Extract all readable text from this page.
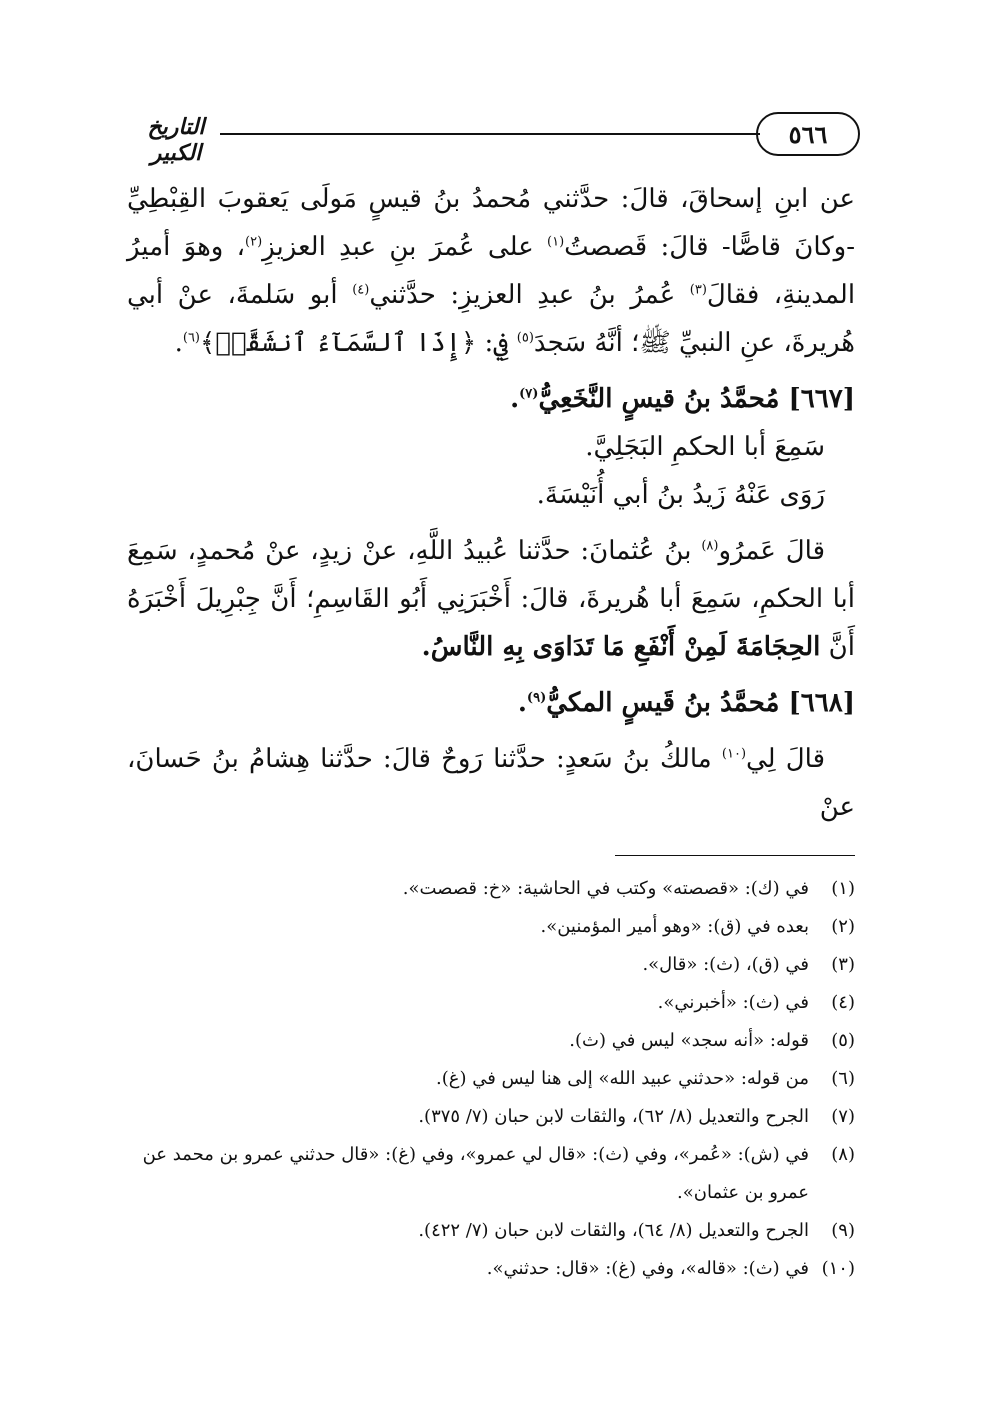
٥٦٦
التاريخ الكبير

عن ابنِ إسحاقَ، قالَ: حدَّثني مُحمدُ بنُ قيسٍ مَولَى يَعقوبَ القِبْطِيِّ -وكانَ قاصًّا- قالَ: قَصصتُ$^{(١)}$ على عُمرَ بنِ عبدِ العزيزِ$^{(٢)}$، وهوَ أميرُ المدينةِ، فقالَ$^{(٣)}$ عُمرُ بنُ عبدِ العزيزِ: حدَّثني$^{(٤)}$ أبو سَلمةَ، عنْ أبي هُريرةَ، عنِ النبيِّ ﷺ؛ أنَّهُ سَجدَ$^{(٥)}$ فِي: ﴿إِذَا ٱلسَّمَآءُ ٱنشَقَّتۡ﴾$^{(٦)}$.

[٦٦٧] مُحمَّدُ بنُ قيسٍ النَّخَعِيُّ$^{(٧)}$.

سَمِعَ أبا الحكمِ البَجَلِيَّ.

رَوَى عَنْهُ زَيدُ بنُ أبي أُنَيْسَةَ.

قالَ عَمرُو$^{(٨)}$ بنُ عُثمانَ: حدَّثنا عُبيدُ اللَّهِ، عنْ زيدٍ، عنْ مُحمدٍ، سَمِعَ أبا الحكمِ، سَمِعَ أبا هُريرةَ، قالَ: أَخْبَرَنِي أَبُو القَاسِمِ؛ أَنَّ جِبْرِيلَ أَخْبَرَهُ أَنَّ الحِجَامَةَ لَمِنْ أَنْفَعِ مَا تَدَاوَى بِهِ النَّاسُ.

[٦٦٨] مُحمَّدُ بنُ قَيسٍ المكيُّ$^{(٩)}$.

قالَ لِي$^{(١٠)}$ مالكُ بنُ سَعدٍ: حدَّثنا رَوحٌ قالَ: حدَّثنا هِشامُ بنُ حَسانَ، عنْ

(١)
في (ك): «قصصته» وكتب في الحاشية: «خ: قصصت».
(٢)
بعده في (ق): «وهو أمير المؤمنين».
(٣)
في (ق)، (ث): «قال».
(٤)
في (ث): «أخبرني».
(٥)
قوله: «أنه سجد» ليس في (ث).
(٦)
من قوله: «حدثني عبيد الله» إلى هنا ليس في (غ).
(٧)
الجرح والتعديل (٨/ ٦٢)، والثقات لابن حبان (٧/ ٣٧٥).
(٨)
في (ش): «عُمر»، وفي (ث): «قال لي عمرو»، وفي (غ): «قال حدثني عمرو بن محمد عن عمرو بن عثمان».
(٩)
الجرح والتعديل (٨/ ٦٤)، والثقات لابن حبان (٧/ ٤٢٢).
(١٠)
في (ث): «قاله»، وفي (غ): «قال: حدثني».
